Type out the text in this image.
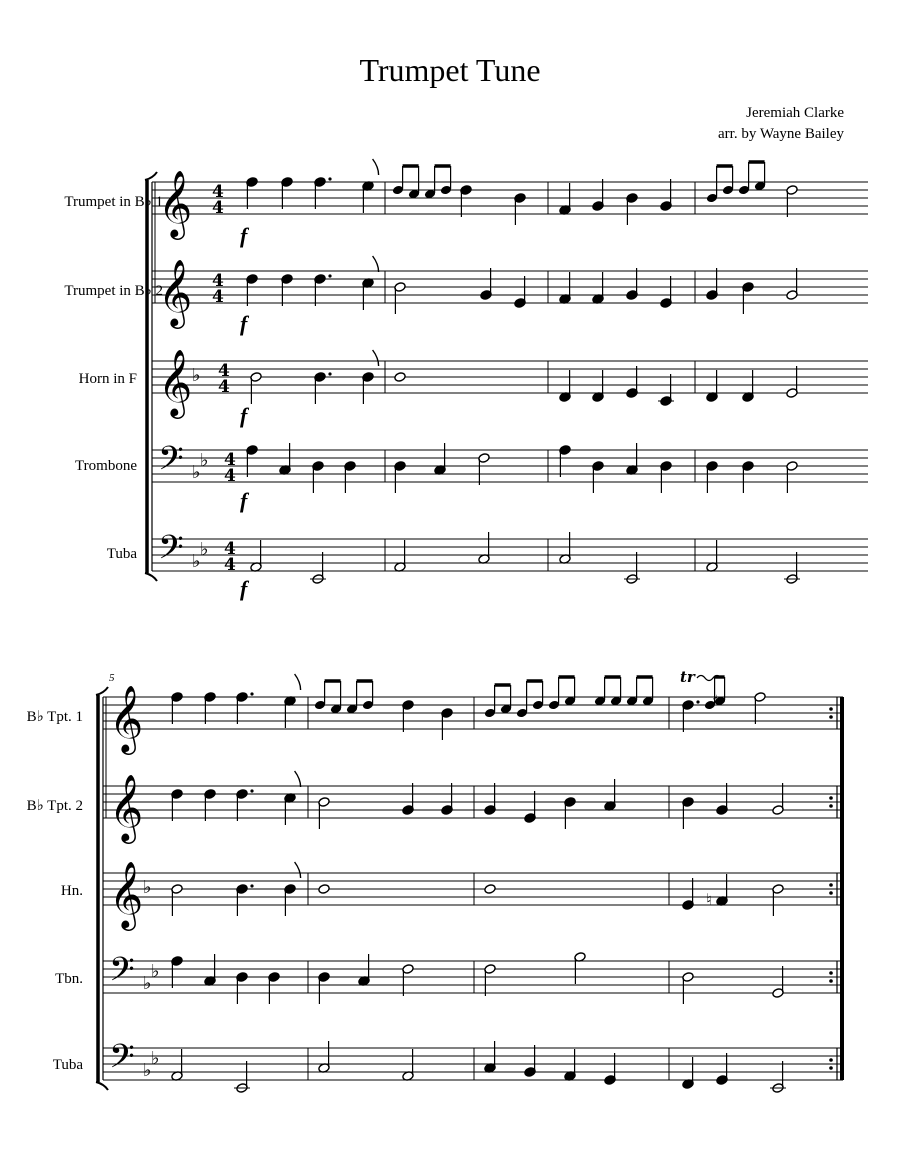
Trumpet Tune
Jeremiah Clarke
arr. by Wayne Bailey
Trumpet in B♭ 1
Trumpet in B♭ 2
Horn in F
Trombone
Tuba
B♭ Tpt. 1
B♭ Tpt. 2
Hn.
Tbn.
Tuba
5
f
f
f
f
f
𝄞 4
4
𝄞 4
4
𝄞 ♭ 4
4
𝄢 ♭
♭ 4
4
𝄢 ♭
♭ 4
4
𝄞
𝄞
𝄞 ♭
𝄢 ♭
♭
𝄢 ♭
♭
tr
♯
♮
